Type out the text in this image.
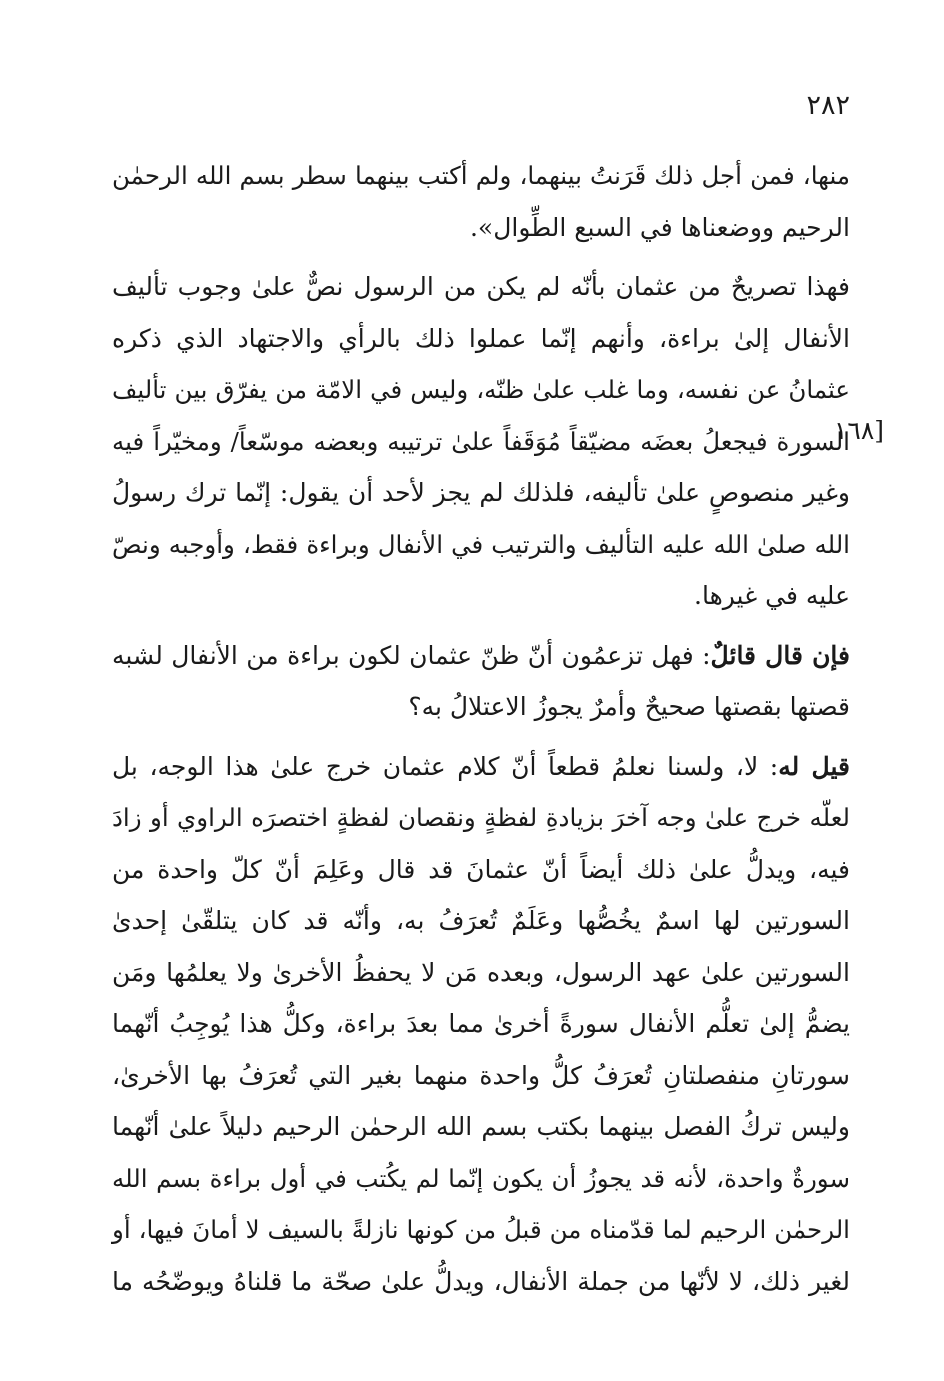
٢٨٢
[١٦٨

منها، فمن أجل ذلك قَرَنتُ بينهما، ولم أكتب بينهما سطر بسم الله الرحمٰن
الرحيم ووضعناها في السبع الطِّوال».

فهذا تصريحٌ من عثمان بأنّه لم يكن من الرسول نصٌّ علىٰ وجوب تأليف
الأنفال إلىٰ براءة، وأنهم إنّما عملوا ذلك بالرأي والاجتهاد الذي ذكره
عثمانُ عن نفسه، وما غلب علىٰ ظنّه، وليس في الامّة من يفرّق بين تأليف
السورة فيجعلُ بعضَه مضيّقاً مُوَقَفاً علىٰ ترتيبه وبعضه موسّعاً/ ومخيّراً فيه
وغير منصوصٍ علىٰ تأليفه، فلذلك لم يجز لأحد أن يقول: إنّما ترك رسولُ
الله صلىٰ الله عليه التأليف والترتيب في الأنفال وبراءة فقط، وأوجبه ونصّ
عليه في غيرها.

فإن قال قائلٌ: فهل تزعمُون أنّ ظنّ عثمان لكون براءة من الأنفال لشبه
قصتها بقصتها صحيحٌ وأمرٌ يجوزُ الاعتلالُ به؟

قيل له: لا، ولسنا نعلمُ قطعاً أنّ كلام عثمان خرج علىٰ هذا الوجه، بل
لعلّه خرج علىٰ وجه آخرَ بزيادةِ لفظةٍ ونقصان لفظةٍ اختصرَه الراوي أو زادَ
فيه، ويدلُّ علىٰ ذلك أيضاً أنّ عثمانَ قد قال وعَلِمَ أنّ كلّ واحدة من
السورتين لها اسمٌ يخُصُّها وعَلَمٌ تُعرَفُ به، وأنّه قد كان يتلقّىٰ إحدىٰ
السورتين علىٰ عهد الرسول، وبعده مَن لا يحفظُ الأخرىٰ ولا يعلمُها ومَن
يضمُّ إلىٰ تعلُّم الأنفال سورةً أخرىٰ مما بعدَ براءة، وكلُّ هذا يُوجِبُ أنّهما
سورتانِ منفصلتانِ تُعرَفُ كلُّ واحدة منهما بغير التي تُعرَفُ بها الأخرىٰ،
وليس تركُ الفصل بينهما بكتب بسم الله الرحمٰن الرحيم دليلاً علىٰ أنّهما
سورةٌ واحدة، لأنه قد يجوزُ أن يكون إنّما لم يكُتب في أول براءة بسم الله
الرحمٰن الرحيم لما قدّمناه من قبلُ من كونها نازلةً بالسيف لا أمانَ فيها، أو
لغير ذلك، لا لأنّها من جملة الأنفال، ويدلُّ علىٰ صحّة ما قلناهُ ويوضّحُه ما
